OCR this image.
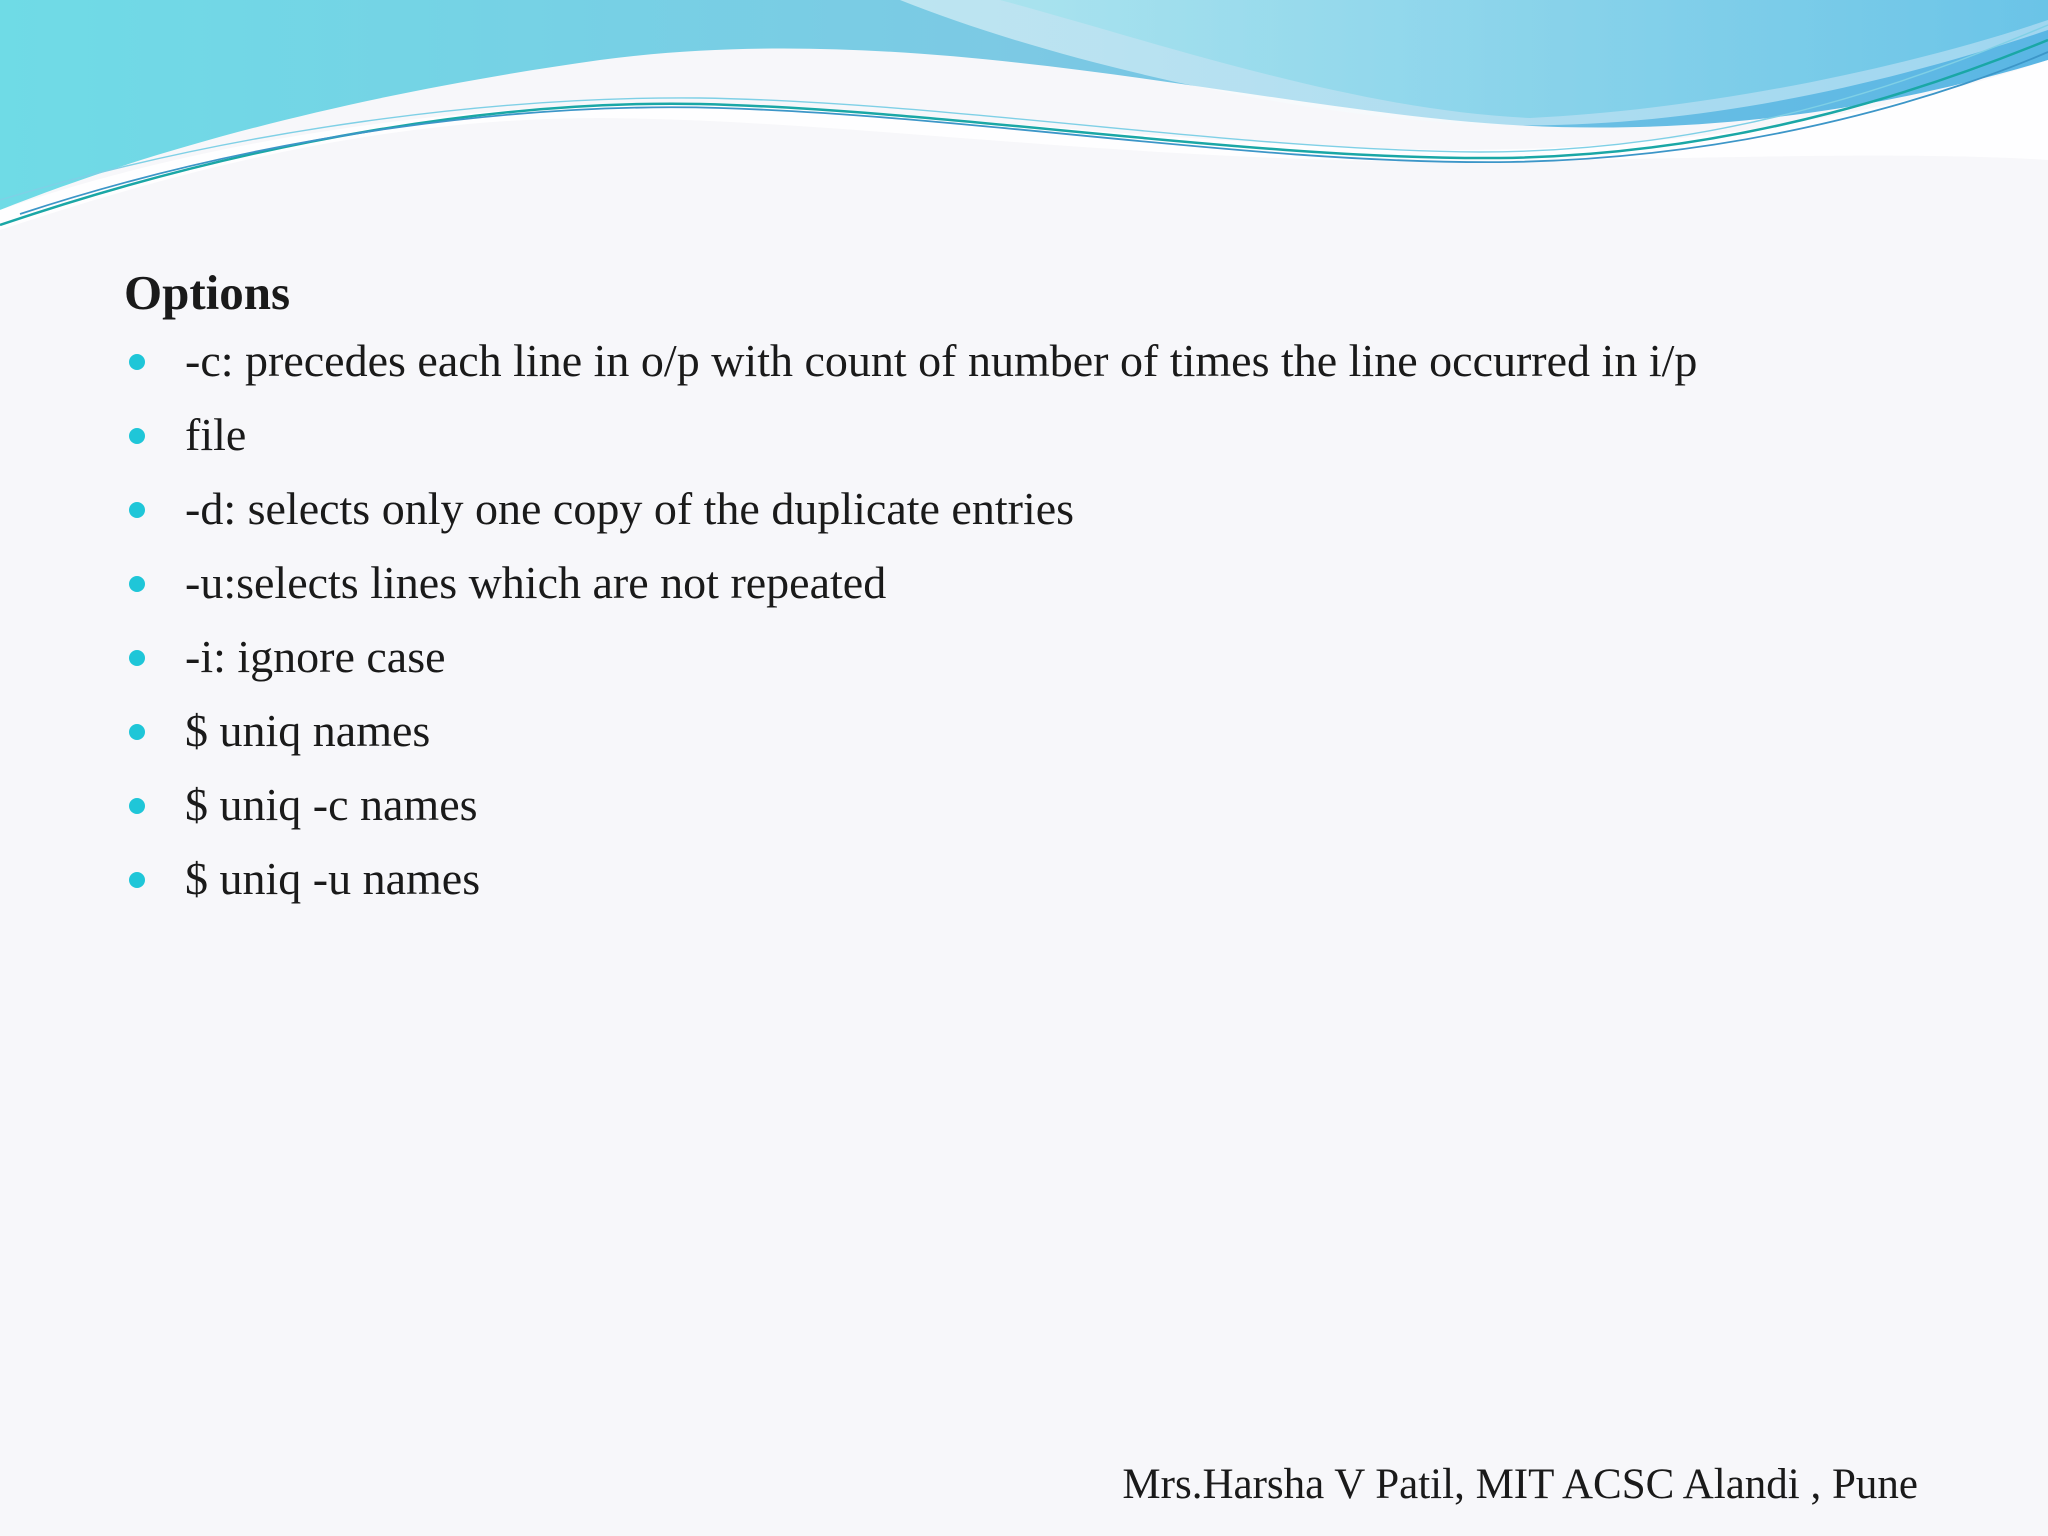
Options
-c: precedes each line in o/p with count of number of times the line occurred in i/p
file
-d: selects only one copy of the duplicate entries
-u:selects lines which are not repeated
-i: ignore case
$ uniq names
$ uniq -c names
$ uniq -u names
Mrs.Harsha V Patil, MIT ACSC Alandi , Pune
